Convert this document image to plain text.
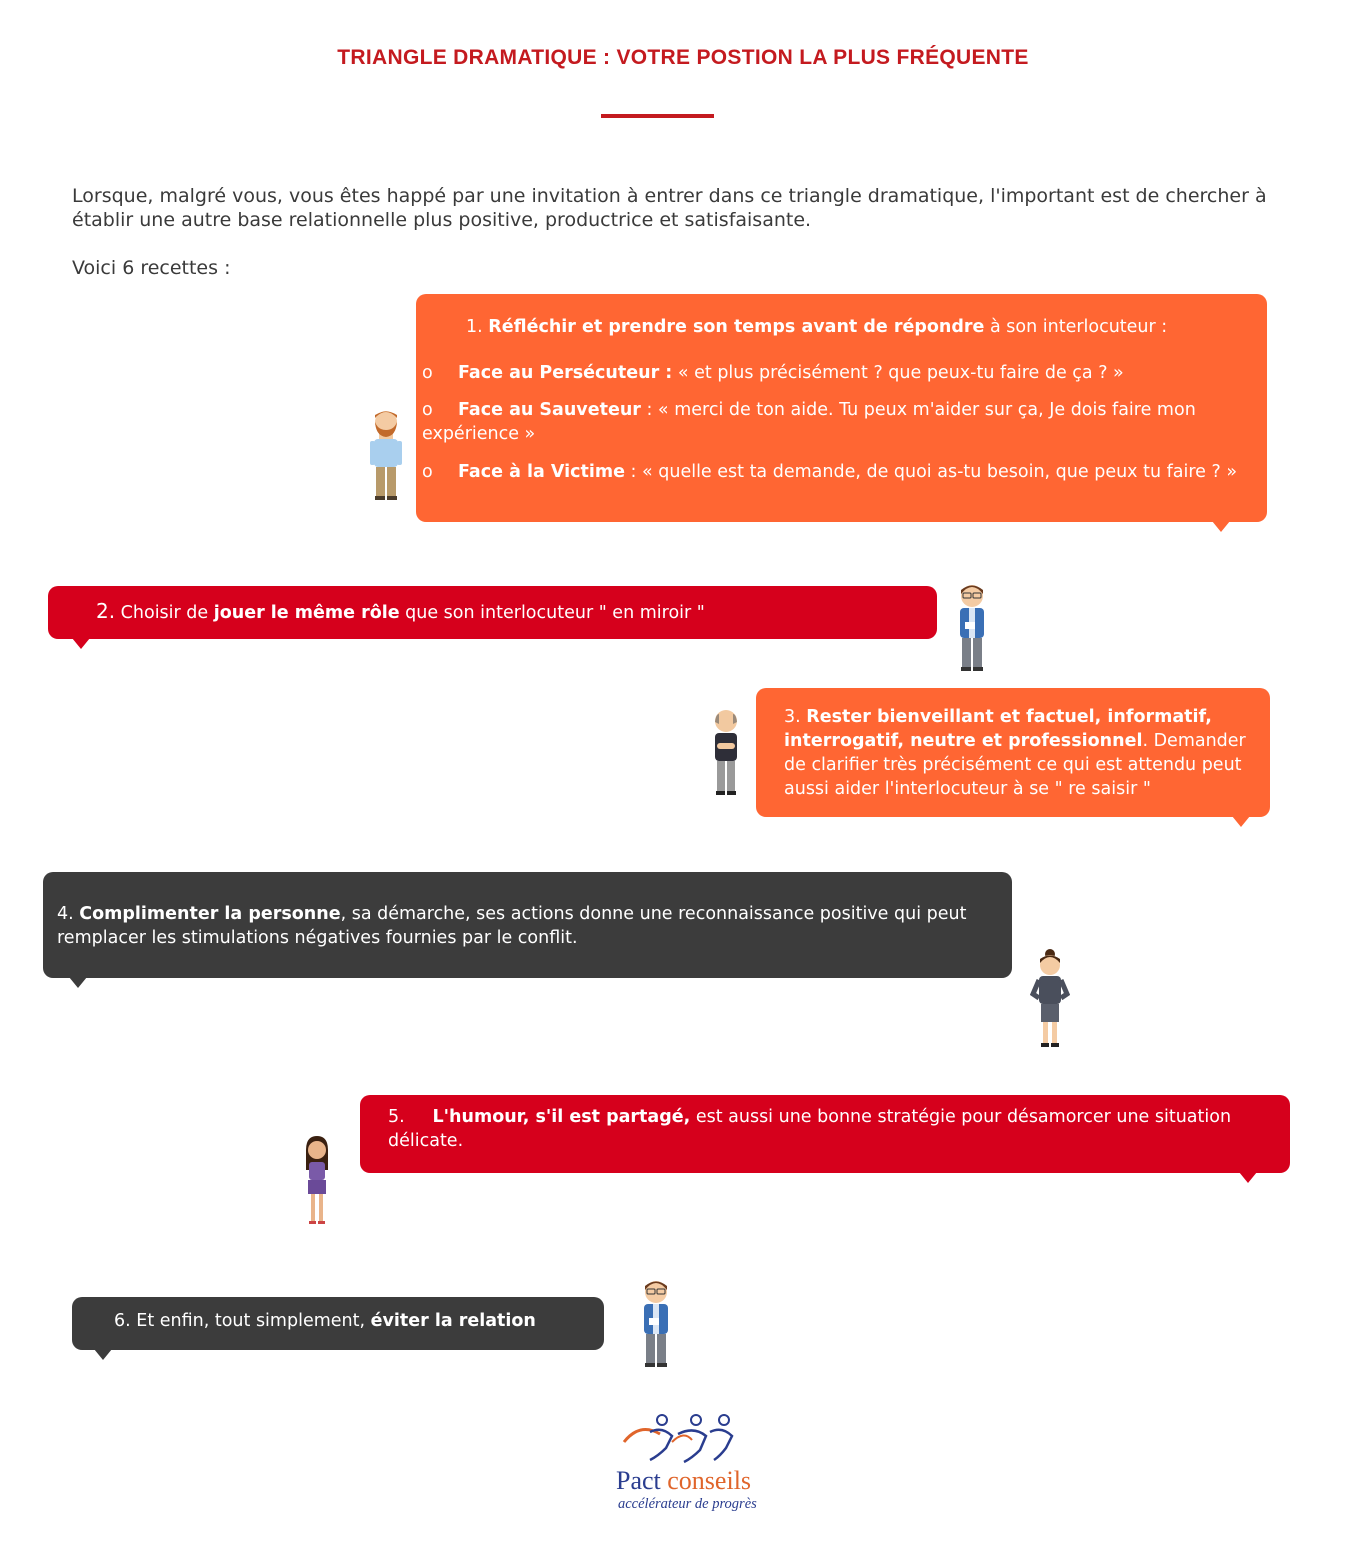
TRIANGLE DRAMATIQUE : VOTRE POSTION LA PLUS FRÉQUENTE
Lorsque, malgré vous, vous êtes happé par une invitation à entrer dans ce triangle dramatique, l'important est de chercher à établir une autre base relationnelle plus positive, productrice et satisfaisante.
Voici 6 recettes :

1. Réfléchir et prendre son temps avant de répondre à son interlocuteur :

o Face au Persécuteur : « et plus précisément ? que peux-tu faire de ça ? »

o Face au Sauveteur : « merci de ton aide. Tu peux m'aider sur ça, Je dois faire mon expérience »

o Face à la Victime : « quelle est ta demande, de quoi as-tu besoin, que peux tu faire ? »

2. Choisir de jouer le même rôle que son interlocuteur " en miroir "

3. Rester bienveillant et factuel, informatif, interrogatif, neutre et professionnel. Demander de clarifier très précisément ce qui est attendu peut aussi aider l'interlocuteur à se " re saisir "

4. Complimenter la personne, sa démarche, ses actions donne une reconnaissance positive qui peut remplacer les stimulations négatives fournies par le conflit.

5. L'humour, s'il est partagé, est aussi une bonne stratégie pour désamorcer une situation délicate.

6. Et enfin, tout simplement, éviter la relation

Pact conseils
accélérateur de progrès
